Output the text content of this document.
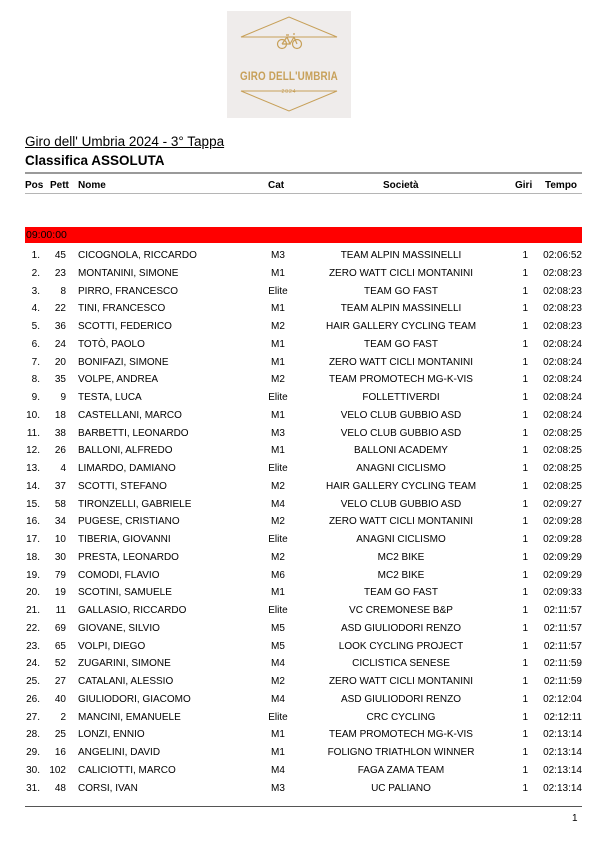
GIRO DELL'UMBRIA
2024
Giro dell' Umbria 2024 - 3° Tappa
Classifica ASSOLUTA
Pos Pett Nome	Cat	Società	Giri Tempo
09:00:00
1.	45 CICOGNOLA, RICCARDO	M3	TEAM ALPIN MASSINELLI	1	02:06:52
2.	23 MONTANINI, SIMONE	M1	ZERO WATT CICLI MONTANINI	1	02:08:23
3.	8 PIRRO, FRANCESCO	Elite	TEAM GO FAST	1	02:08:23
4.	22 TINI, FRANCESCO	M1	TEAM ALPIN MASSINELLI	1	02:08:23
5.	36 SCOTTI, FEDERICO	M2	HAIR GALLERY CYCLING TEAM	1	02:08:23
6.	24 TOTÒ, PAOLO	M1	TEAM GO FAST	1	02:08:24
7.	20 BONIFAZI, SIMONE	M1	ZERO WATT CICLI MONTANINI	1	02:08:24
8.	35 VOLPE, ANDREA	M2	TEAM PROMOTECH MG-K-VIS	1	02:08:24
9.	9 TESTA, LUCA	Elite	FOLLETTIVERDI	1	02:08:24
10.	18 CASTELLANI, MARCO	M1	VELO CLUB GUBBIO ASD	1	02:08:24
11.	38 BARBETTI, LEONARDO	M3	VELO CLUB GUBBIO ASD	1	02:08:25
12.	26 BALLONI, ALFREDO	M1	BALLONI ACADEMY	1	02:08:25
13.	4 LIMARDO, DAMIANO	Elite	ANAGNI CICLISMO	1	02:08:25
14.	37 SCOTTI, STEFANO	M2	HAIR GALLERY CYCLING TEAM	1	02:08:25
15.	58 TIRONZELLI, GABRIELE	M4	VELO CLUB GUBBIO ASD	1	02:09:27
16.	34 PUGESE, CRISTIANO	M2	ZERO WATT CICLI MONTANINI	1	02:09:28
17.	10 TIBERIA, GIOVANNI	Elite	ANAGNI CICLISMO	1	02:09:28
18.	30 PRESTA, LEONARDO	M2	MC2 BIKE	1	02:09:29
19.	79 COMODI, FLAVIO	M6	MC2 BIKE	1	02:09:29
20.	19 SCOTINI, SAMUELE	M1	TEAM GO FAST	1	02:09:33
21.	11 GALLASIO, RICCARDO	Elite	VC CREMONESE B&P	1	02:11:57
22.	69 GIOVANE, SILVIO	M5	ASD GIULIODORI RENZO	1	02:11:57
23.	65 VOLPI, DIEGO	M5	LOOK CYCLING PROJECT	1	02:11:57
24.	52 ZUGARINI, SIMONE	M4	CICLISTICA SENESE	1	02:11:59
25.	27 CATALANI, ALESSIO	M2	ZERO WATT CICLI MONTANINI	1	02:11:59
26.	40 GIULIODORI, GIACOMO	M4	ASD GIULIODORI RENZO	1	02:12:04
27.	2 MANCINI, EMANUELE	Elite	CRC CYCLING	1	02:12:11
28.	25 LONZI, ENNIO	M1	TEAM PROMOTECH MG-K-VIS	1	02:13:14
29.	16 ANGELINI, DAVID	M1	FOLIGNO TRIATHLON WINNER	1	02:13:14
30. 102 CALICIOTTI, MARCO	M4	FAGA ZAMA TEAM	1	02:13:14
31.	48 CORSI, IVAN	M3	UC PALIANO	1	02:13:14
1
